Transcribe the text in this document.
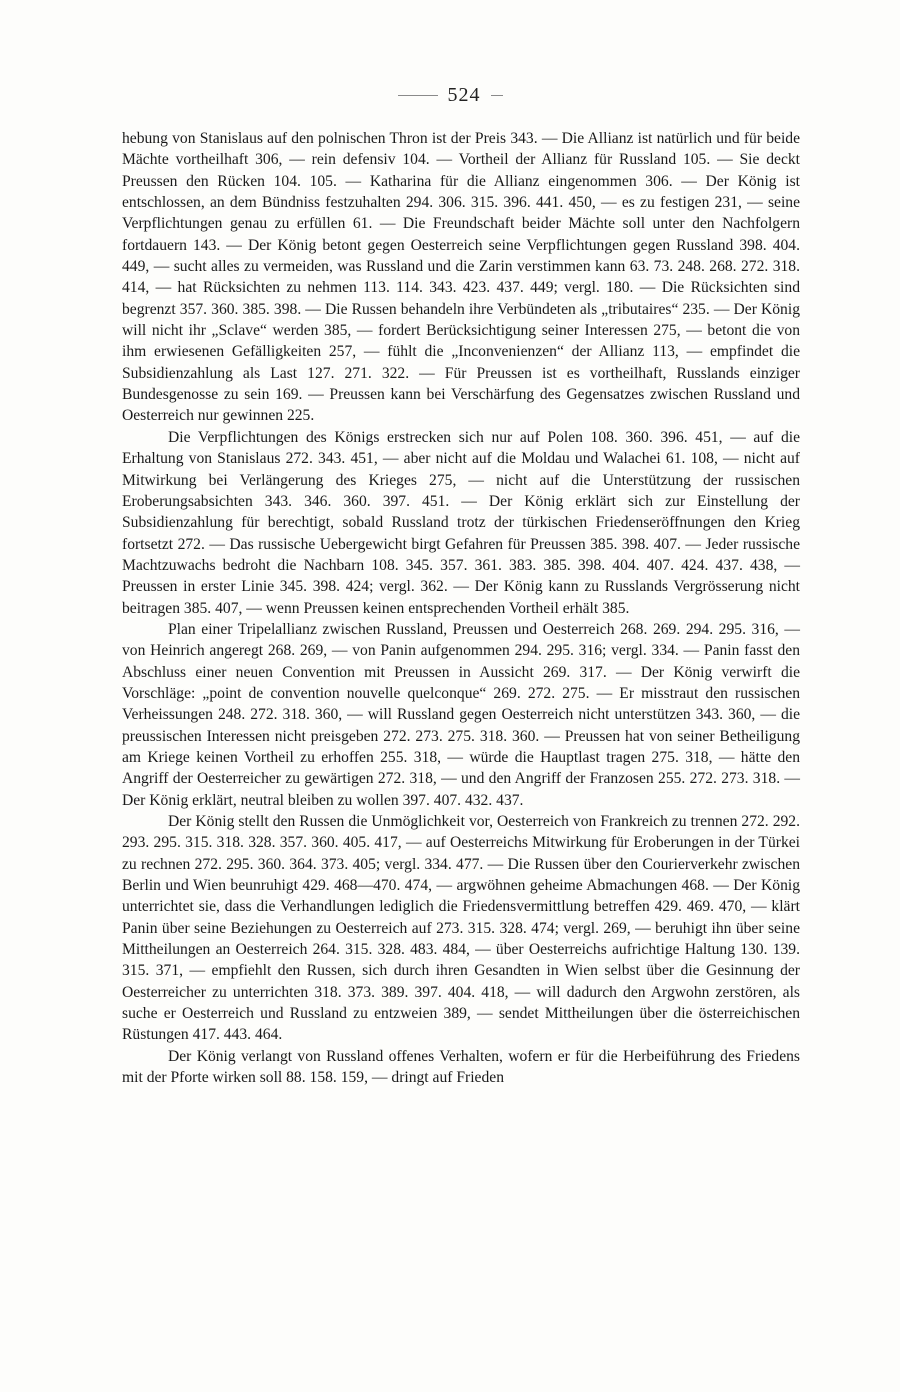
524

hebung von Stanislaus auf den polnischen Thron ist der Preis 343. — Die Allianz ist natürlich und für beide Mächte vortheilhaft 306, — rein defensiv 104. — Vortheil der Allianz für Russland 105. — Sie deckt Preussen den Rücken 104. 105. — Katharina für die Allianz eingenommen 306. — Der König ist entschlossen, an dem Bündniss festzuhalten 294. 306. 315. 396. 441. 450, — es zu festigen 231, — seine Verpflichtungen genau zu erfüllen 61. — Die Freundschaft beider Mächte soll unter den Nachfolgern fortdauern 143. — Der König betont gegen Oesterreich seine Verpflichtungen gegen Russland 398. 404. 449, — sucht alles zu vermeiden, was Russland und die Zarin verstimmen kann 63. 73. 248. 268. 272. 318. 414, — hat Rücksichten zu nehmen 113. 114. 343. 423. 437. 449; vergl. 180. — Die Rücksichten sind begrenzt 357. 360. 385. 398. — Die Russen behandeln ihre Verbündeten als „tributaires“ 235. — Der König will nicht ihr „Sclave“ werden 385, — fordert Berücksichtigung seiner Interessen 275, — betont die von ihm erwiesenen Gefälligkeiten 257, — fühlt die „Inconvenienzen“ der Allianz 113, — empfindet die Subsidienzahlung als Last 127. 271. 322. — Für Preussen ist es vortheilhaft, Russlands einziger Bundesgenosse zu sein 169. — Preussen kann bei Verschärfung des Gegensatzes zwischen Russland und Oesterreich nur gewinnen 225.

Die Verpflichtungen des Königs erstrecken sich nur auf Polen 108. 360. 396. 451, — auf die Erhaltung von Stanislaus 272. 343. 451, — aber nicht auf die Moldau und Walachei 61. 108, — nicht auf Mitwirkung bei Verlängerung des Krieges 275, — nicht auf die Unterstützung der russischen Eroberungsabsichten 343. 346. 360. 397. 451. — Der König erklärt sich zur Einstellung der Subsidienzahlung für berechtigt, sobald Russland trotz der türkischen Friedenseröffnungen den Krieg fortsetzt 272. — Das russische Uebergewicht birgt Gefahren für Preussen 385. 398. 407. — Jeder russische Machtzuwachs bedroht die Nachbarn 108. 345. 357. 361. 383. 385. 398. 404. 407. 424. 437. 438, — Preussen in erster Linie 345. 398. 424; vergl. 362. — Der König kann zu Russlands Vergrösserung nicht beitragen 385. 407, — wenn Preussen keinen entsprechenden Vortheil erhält 385.

Plan einer Tripelallianz zwischen Russland, Preussen und Oesterreich 268. 269. 294. 295. 316, — von Heinrich angeregt 268. 269, — von Panin aufgenommen 294. 295. 316; vergl. 334. — Panin fasst den Abschluss einer neuen Convention mit Preussen in Aussicht 269. 317. — Der König verwirft die Vorschläge: „point de convention nouvelle quelconque“ 269. 272. 275. — Er misstraut den russischen Verheissungen 248. 272. 318. 360, — will Russland gegen Oesterreich nicht unterstützen 343. 360, — die preussischen Interessen nicht preisgeben 272. 273. 275. 318. 360. — Preussen hat von seiner Betheiligung am Kriege keinen Vortheil zu erhoffen 255. 318, — würde die Hauptlast tragen 275. 318, — hätte den Angriff der Oesterreicher zu gewärtigen 272. 318, — und den Angriff der Franzosen 255. 272. 273. 318. — Der König erklärt, neutral bleiben zu wollen 397. 407. 432. 437.

Der König stellt den Russen die Unmöglichkeit vor, Oesterreich von Frankreich zu trennen 272. 292. 293. 295. 315. 318. 328. 357. 360. 405. 417, — auf Oesterreichs Mitwirkung für Eroberungen in der Türkei zu rechnen 272. 295. 360. 364. 373. 405; vergl. 334. 477. — Die Russen über den Courierverkehr zwischen Berlin und Wien beunruhigt 429. 468—470. 474, — argwöhnen geheime Abmachungen 468. — Der König unterrichtet sie, dass die Verhandlungen lediglich die Friedensvermittlung betreffen 429. 469. 470, — klärt Panin über seine Beziehungen zu Oesterreich auf 273. 315. 328. 474; vergl. 269, — beruhigt ihn über seine Mittheilungen an Oesterreich 264. 315. 328. 483. 484, — über Oesterreichs aufrichtige Haltung 130. 139. 315. 371, — empfiehlt den Russen, sich durch ihren Gesandten in Wien selbst über die Gesinnung der Oesterreicher zu unterrichten 318. 373. 389. 397. 404. 418, — will dadurch den Argwohn zerstören, als suche er Oesterreich und Russland zu entzweien 389, — sendet Mittheilungen über die österreichischen Rüstungen 417. 443. 464.

Der König verlangt von Russland offenes Verhalten, wofern er für die Herbeiführung des Friedens mit der Pforte wirken soll 88. 158. 159, — dringt auf Frieden
